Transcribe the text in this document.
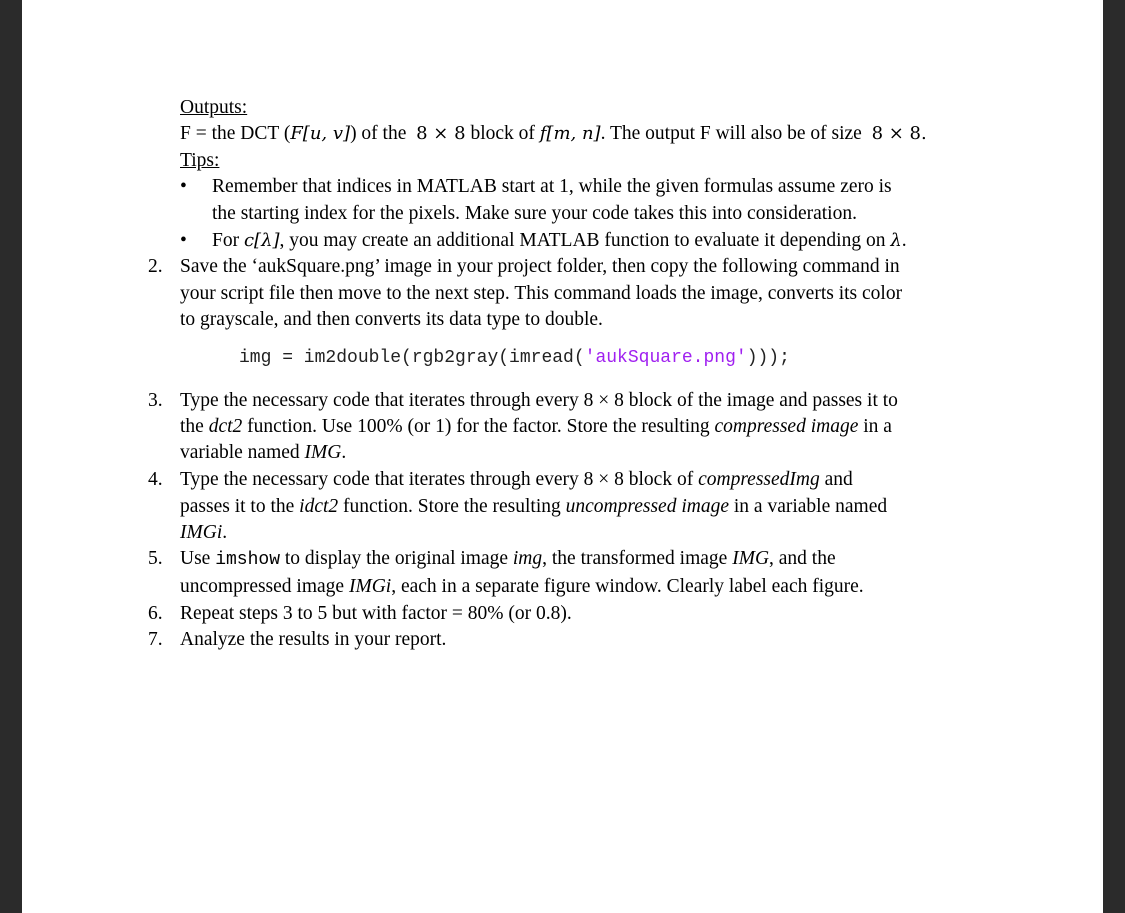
Outputs:
F = the DCT (F[u, v]) of the 8 × 8 block of f[m, n]. The output F will also be of size 8 × 8.
Tips:
• Remember that indices in MATLAB start at 1, while the given formulas assume zero is
the starting index for the pixels. Make sure your code takes this into consideration.
• For c[λ], you may create an additional MATLAB function to evaluate it depending on λ.
2. Save the ‘aukSquare.png’ image in your project folder, then copy the following command in
your script file then move to the next step. This command loads the image, converts its color
to grayscale, and then converts its data type to double.
img = im2double(rgb2gray(imread('aukSquare.png')));
3. Type the necessary code that iterates through every 8 × 8 block of the image and passes it to
the dct2 function. Use 100% (or 1) for the factor. Store the resulting compressed image in a
variable named IMG.
4. Type the necessary code that iterates through every 8 × 8 block of compressedImg and
passes it to the idct2 function. Store the resulting uncompressed image in a variable named
IMGi.
5. Use imshow to display the original image img, the transformed image IMG, and the
uncompressed image IMGi, each in a separate figure window. Clearly label each figure.
6. Repeat steps 3 to 5 but with factor = 80% (or 0.8).
7. Analyze the results in your report.
